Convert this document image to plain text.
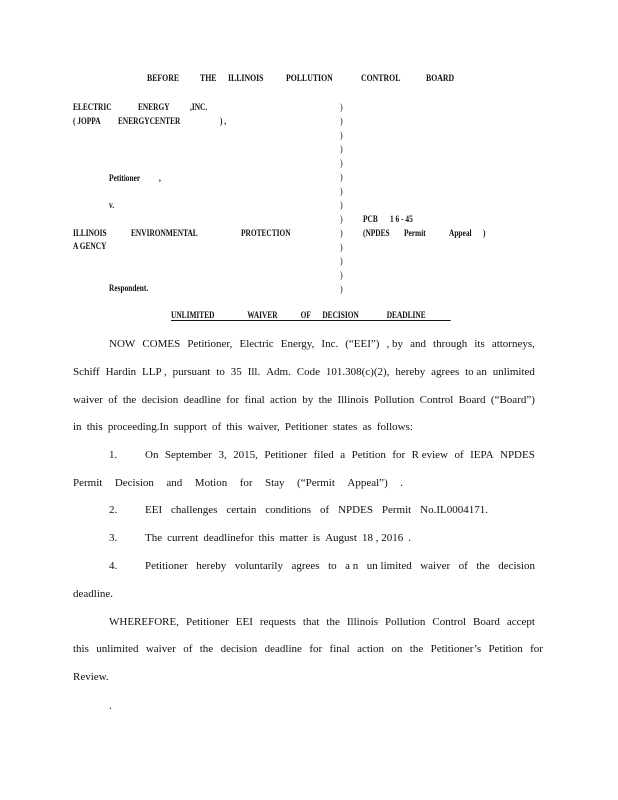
BEFORE THE ILLINOIS POLLUTION	CONTROL	BOARD
ELECTRIC	ENERGY ,INC.
( JOPPA ENERGYCENTER	) ,
Petitioner ,
v.
ILLINOIS	ENVIRONMENTAL	PROTECTION
A GENCY
Respondent.
PCB 1 6 - 45
(NPDES Permit	Appeal )
)
)
)
)
)
)
)
)
)
)
)
)
)
)
UNLIMITED	WAIVER	OF DECISION	DEADLINE
NOW COMES Petitioner, Electric Energy, Inc. (“EEI”) , by and through its attorneys,
Schiff Hardin LLP , pursuant to 35 Ill. Adm. Code 101.308(c)(2), hereby agrees to an unlimited
waiver of the decision deadline for final action by the Illinois Pollution Control Board (“Board”)
in this proceeding.In support of this waiver, Petitioner states as follows:
1.	On September 3, 2015, Petitioner filed a Petition for R eview of IEPA NPDES
Permit Decision and Motion for Stay (“Permit Appeal”) .
2.	EEI challenges certain conditions of NPDES Permit No.IL0004171.
3.	The current deadlinefor this matter is August 18 , 2016 .
4.	Petitioner hereby voluntarily agrees to a n un limited waiver of the decision
deadline.
WHEREFORE, Petitioner EEI requests that the Illinois Pollution Control Board accept
this unlimited waiver of the decision deadline for final action on the Petitioner’s Petition for
Review.
.
